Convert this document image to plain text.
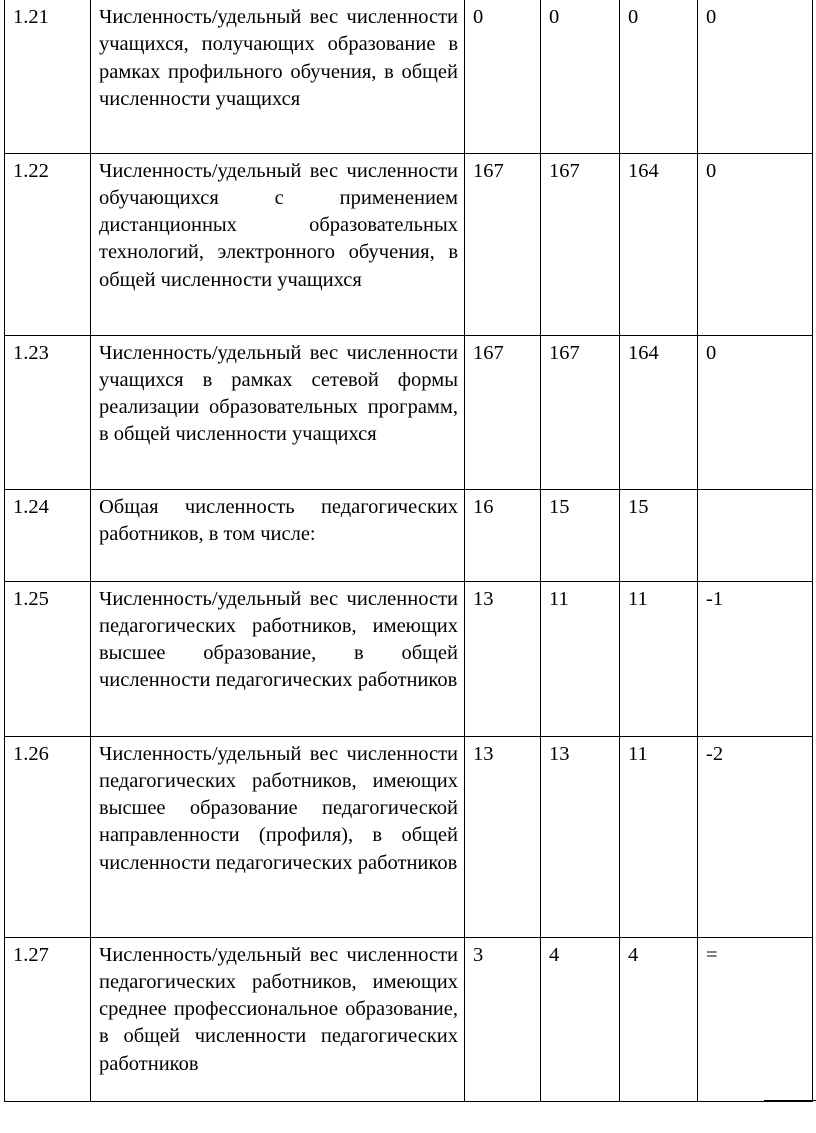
1.21	Численность/удельный вес численности учащихся, получающих образование в рамках профильного обучения, в общей численности учащихся	0	0	0	0
1.22	Численность/удельный вес численности обучающихся с применением дистанционных образовательных технологий, электронного обучения, в общей численности учащихся	167	167	164	0
1.23	Численность/удельный вес численности учащихся в рамках сетевой формы реализации образовательных программ, в общей численности учащихся	167	167	164	0
1.24	Общая численность педагогических работников, в том числе:	16	15	15	
1.25	Численность/удельный вес численности педагогических работников, имеющих высшее образование, в общей численности педагогических работников	13	11	11	-1
1.26	Численность/удельный вес численности педагогических работников, имеющих высшее образование педагогической направленности (профиля), в общей численности педагогических работников	13	13	11	-2
1.27	Численность/удельный вес численности педагогических работников, имеющих среднее профессиональное образование, в общей численности педагогических работников	3	4	4	=
